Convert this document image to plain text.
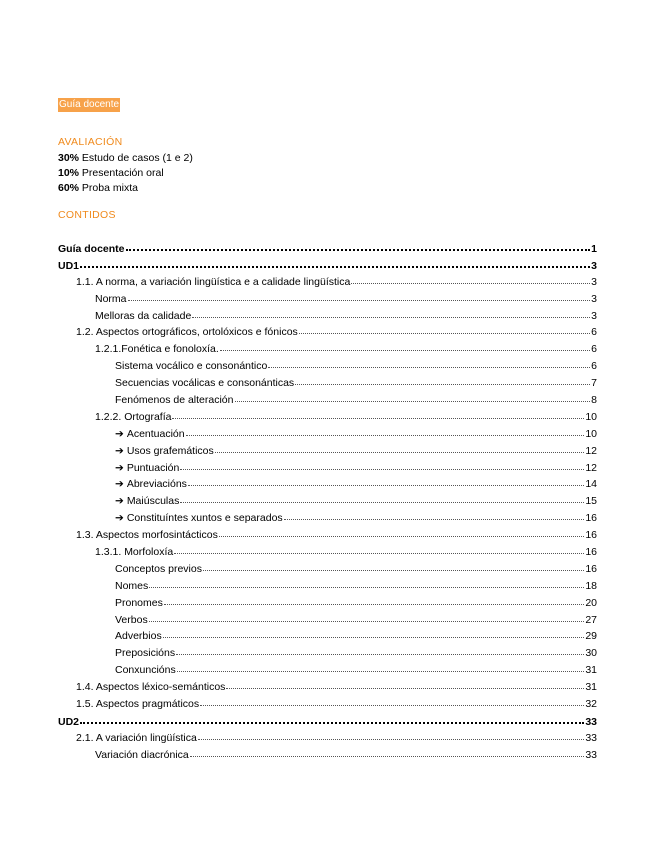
Guía docente
AVALIACIÓN
30% Estudo de casos (1 e 2)
10% Presentación oral
60% Proba mixta
CONTIDOS
Guía docente	1
UD1	3
1.1. A norma, a variación lingüística e a calidade lingüística	3
Norma	3
Melloras da calidade	3
1.2. Aspectos ortográficos, ortolóxicos e fónicos	6
1.2.1.Fonética e fonoloxía.	6
Sistema vocálico e consonántico	6
Secuencias vocálicas e consonánticas	7
Fenómenos de alteración	8
1.2.2. Ortografía	10
➔ Acentuación	10
➔ Usos grafemáticos	12
➔ Puntuación	12
➔ Abreviacións	14
➔ Maiúsculas	15
➔ Constituíntes xuntos e separados	16
1.3. Aspectos morfosintácticos	16
1.3.1. Morfoloxía	16
Conceptos previos	16
Nomes	18
Pronomes	20
Verbos	27
Adverbios	29
Preposicións	30
Conxuncións	31
1.4. Aspectos léxico-semánticos	31
1.5. Aspectos pragmáticos	32
UD2	33
2.1. A variación lingüística	33
Variación diacrónica	33
